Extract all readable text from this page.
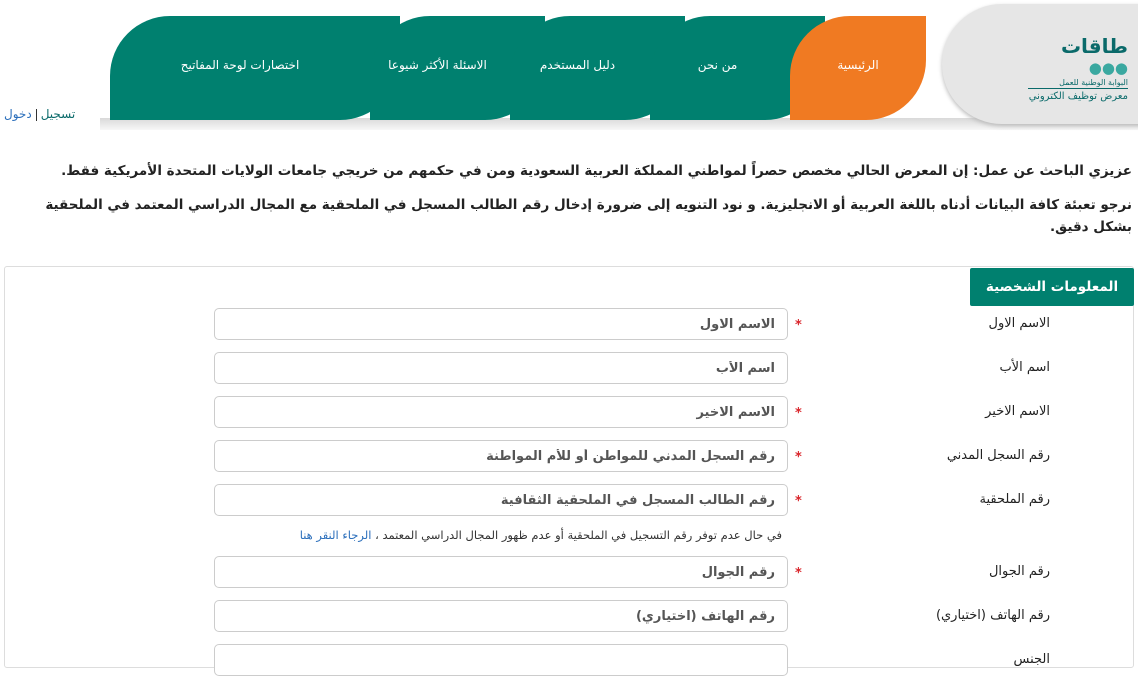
طاقات ●●●
البوابة الوطنية للعمل
معرض توظيف الكتروني
الرئيسية
من نحن
دليل المستخدم
الاسئلة الأكثر شيوعا
اختصارات لوحة المفاتيح
تسجيلدخول
عزيزي الباحث عن عمل: إن المعرض الحالي مخصص حصراً لمواطني المملكة العربية السعودية ومن في حكمهم من خريجي جامعات الولايات المتحدة الأمريكية فقط.
نرجو تعبئة كافة البيانات أدناه باللغة العربية أو الانجليزية. و نود التنويه إلى ضرورة إدخال رقم الطالب المسجل في الملحقية مع المجال الدراسي المعتمد في الملحقية بشكل دقيق.
المعلومات الشخصية
الاسم الاول
*
الاسم الاول
اسم الأب
اسم الأب
الاسم الاخير
*
الاسم الاخير
رقم السجل المدني
*
رقم السجل المدني للمواطن أو للأم المواطنة
رقم الملحقية
*
رقم الطالب المسجل في الملحقية الثقافية
في حال عدم توفر رقم التسجيل في الملحقية أو عدم ظهور المجال الدراسي المعتمد ، الرجاء النقر هنا
رقم الجوال
*
رقم الجوال
رقم الهاتف (اختياري)
رقم الهاتف (اختياري)
الجنس
